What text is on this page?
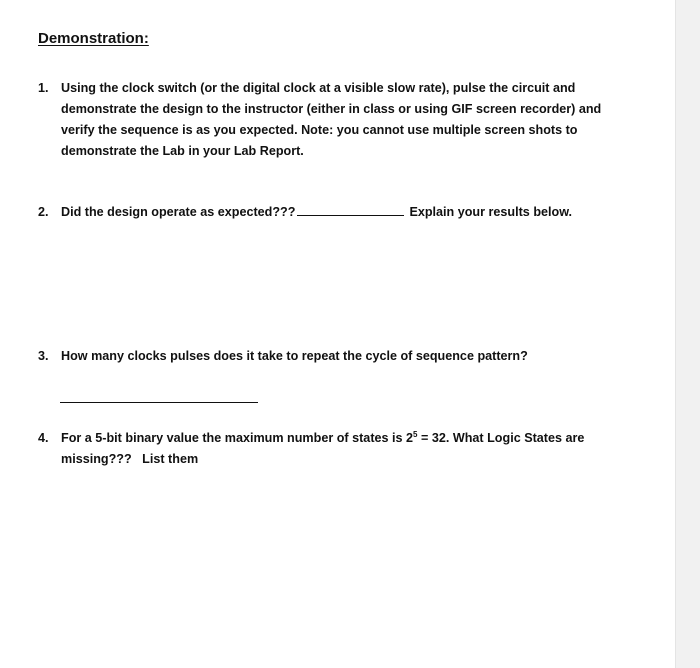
Demonstration:
1. Using the clock switch (or the digital clock at a visible slow rate), pulse the circuit and demonstrate the design to the instructor (either in class or using GIF screen recorder) and verify the sequence is as you expected. Note: you cannot use multiple screen shots to demonstrate the Lab in your Lab Report.
2. Did the design operate as expected???	Explain your results below.
3. How many clocks pulses does it take to repeat the cycle of sequence pattern?
4. For a 5-bit binary value the maximum number of states is $2^5 = 32$. What Logic States are missing???   List them
